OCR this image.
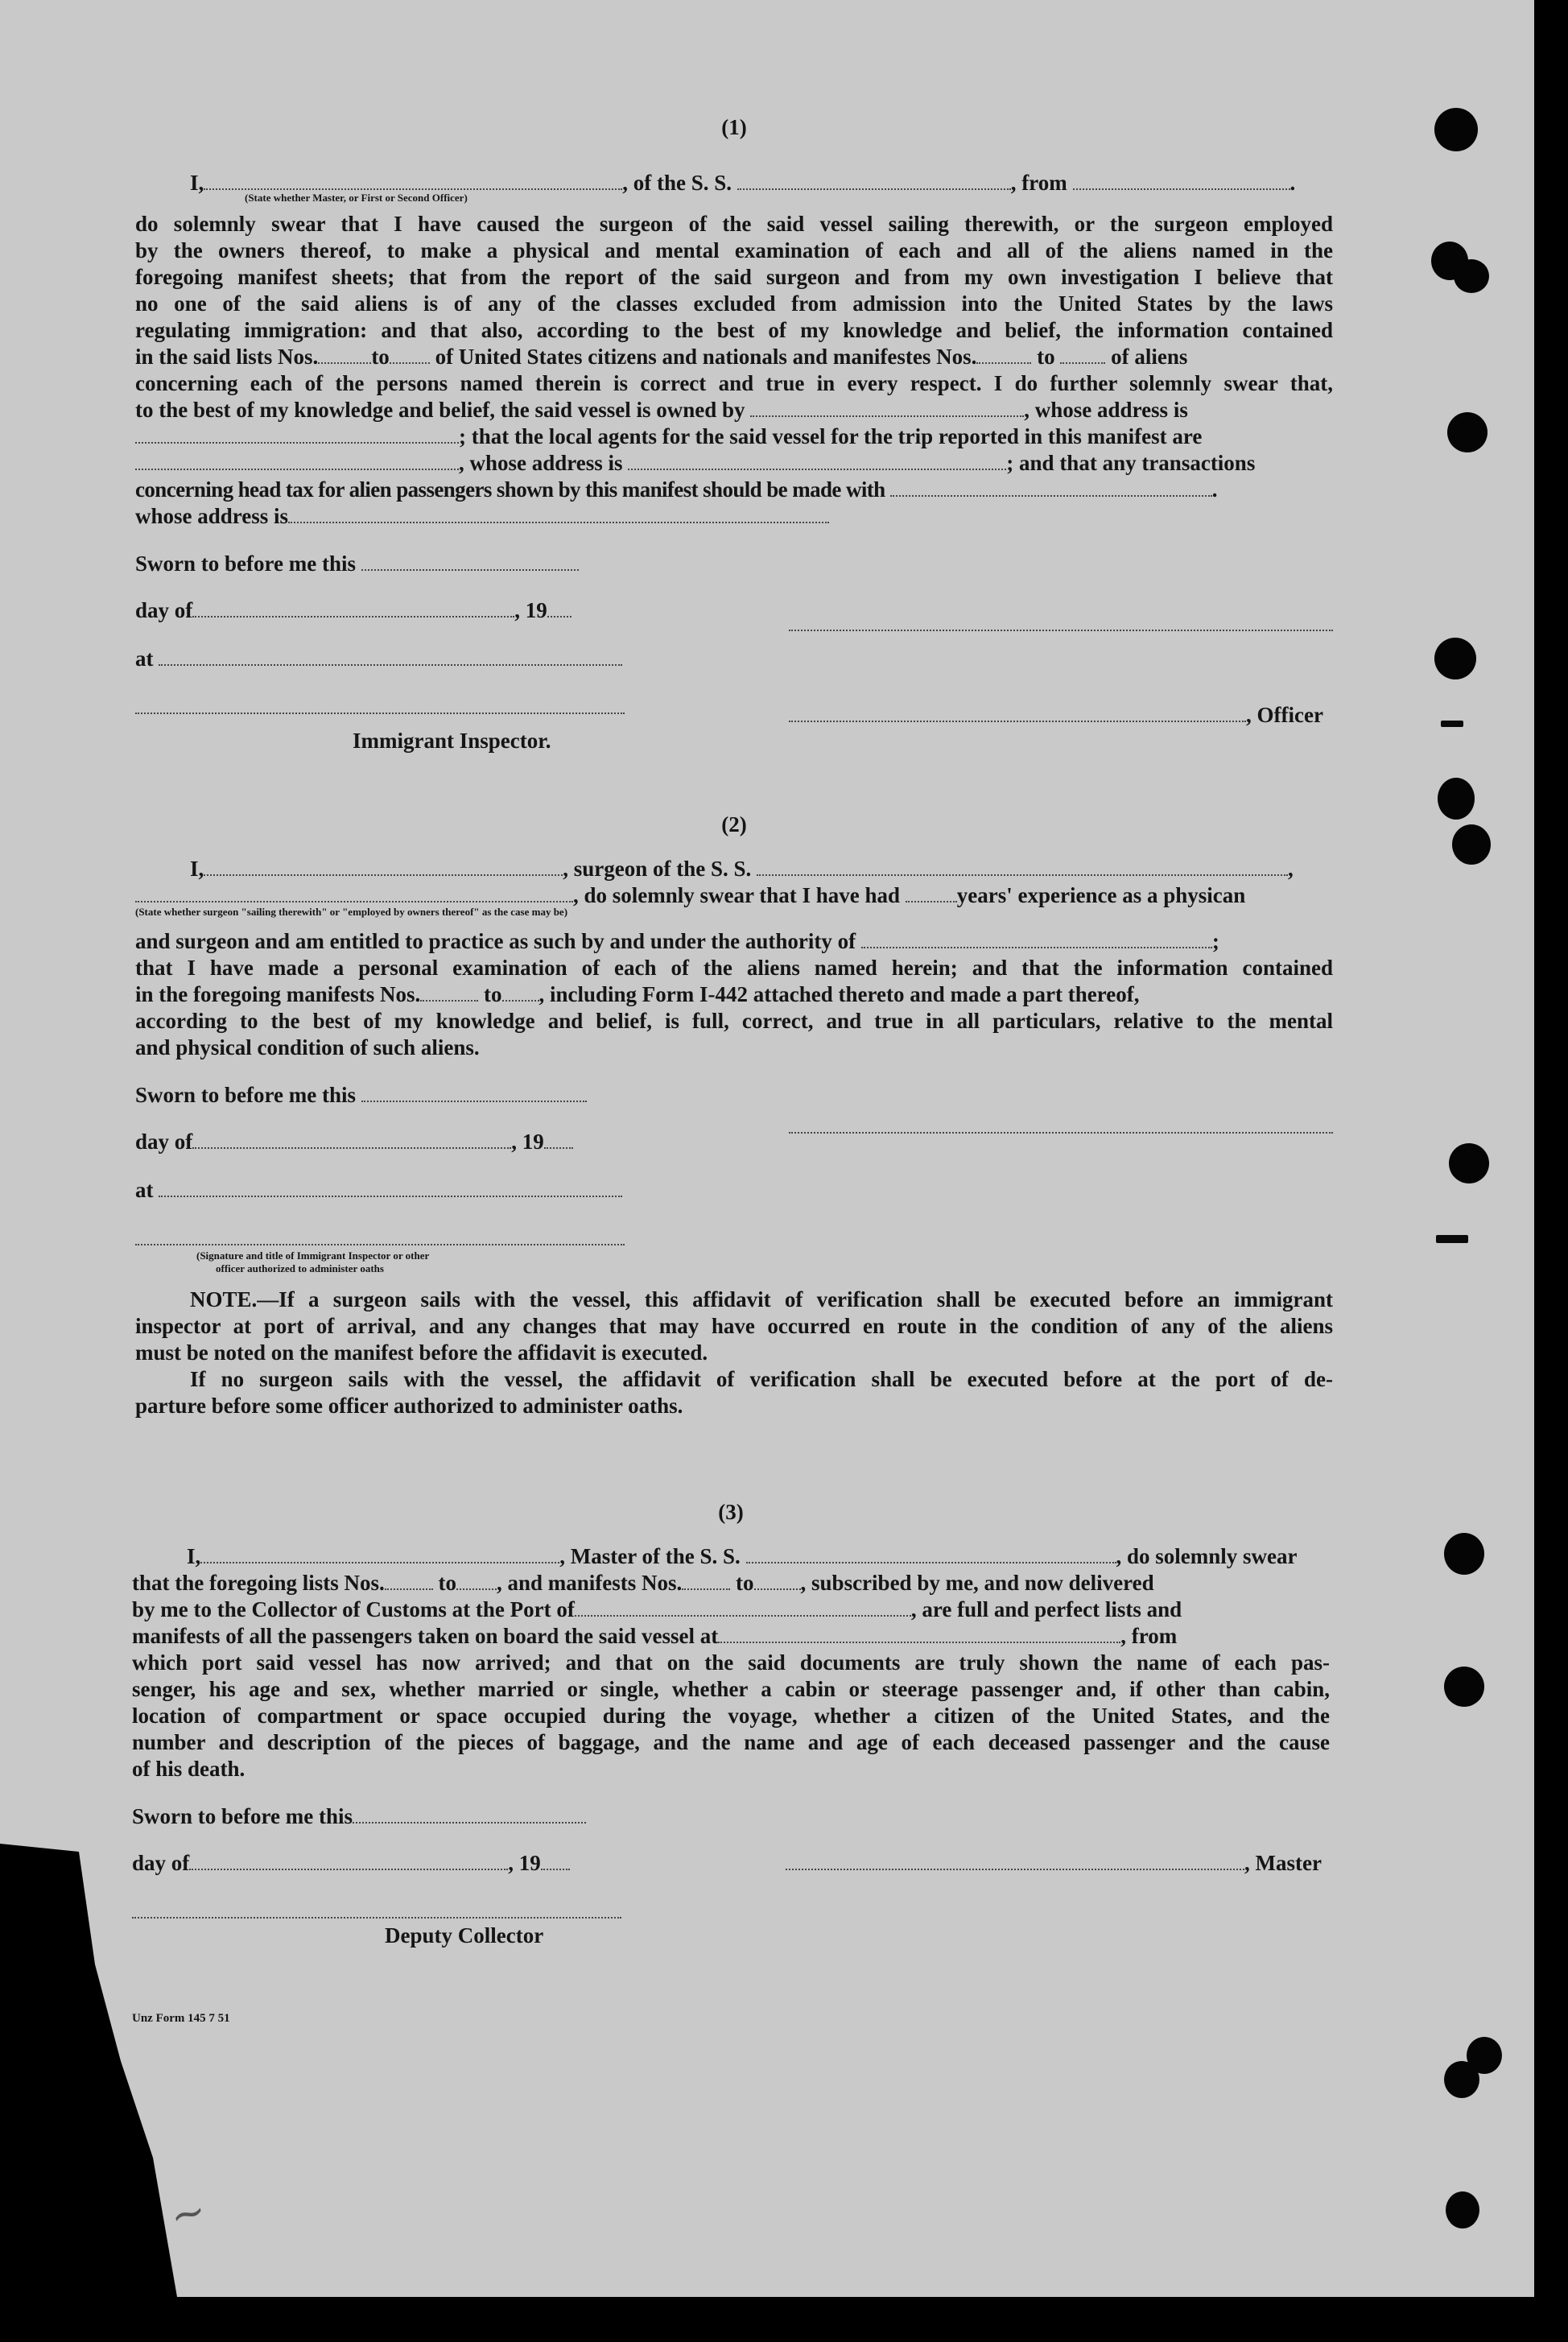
(1)

I,	, of the S. S.	, from	.
(State whether Master, or First or Second Officer)
do solemnly swear that I have caused the surgeon of the said vessel sailing therewith, or the surgeon employed
by the owners thereof, to make a physical and mental examination of each and all of the aliens named in the
foregoing manifest sheets; that from the report of the said surgeon and from my own investigation I believe that
no one of the said aliens is of any of the classes excluded from admission into the United States by the laws
regulating immigration: and that also, according to the best of my knowledge and belief, the information contained
in the said lists Nos. to of United States citizens and nationals and manifestes Nos.	to	of aliens
concerning each of the persons named therein is correct and true in every respect. I do further solemnly swear that,
to the best of my knowledge and belief, the said vessel is owned by	, whose address is
; that the local agents for the said vessel for the trip reported in this manifest are
, whose address is	; and that any transactions
concerning head tax for alien passengers shown by this manifest should be made with	.
whose address is
Sworn to before me this
day of	, 19
at
, Officer
Immigrant Inspector.

(2)

I,	, surgeon of the S. S.	,
, do solemnly swear that I have had	years' experience as a physican
(State whether surgeon "sailing therewith" or "employed by owners thereof" as the case may be)
and surgeon and am entitled to practice as such by and under the authority of	;
that I have made a personal examination of each of the aliens named herein; and that the information contained
in the foregoing manifests Nos.	to , including Form I-442 attached thereto and made a part thereof,
according to the best of my knowledge and belief, is full, correct, and true in all particulars, relative to the mental
and physical condition of such aliens.
Sworn to before me this
day of	, 19
at
(Signature and title of Immigrant Inspector or other
officer authorized to administer oaths
NOTE.—If a surgeon sails with the vessel, this affidavit of verification shall be executed before an immigrant
inspector at port of arrival, and any changes that may have occurred en route in the condition of any of the aliens
must be noted on the manifest before the affidavit is executed.
If no surgeon sails with the vessel, the affidavit of verification shall be executed before at the port of de-
parture before some officer authorized to administer oaths.

(3)

I,	, Master of the S. S.	, do solemnly swear
that the foregoing lists Nos. to , and manifests Nos. to , subscribed by me, and now delivered
by me to the Collector of Customs at the Port of	, are full and perfect lists and
manifests of all the passengers taken on board the said vessel at	, from
which port said vessel has now arrived; and that on the said documents are truly shown the name of each pas-
senger, his age and sex, whether married or single, whether a cabin or steerage passenger and, if other than cabin,
location of compartment or space occupied during the voyage, whether a citizen of the United States, and the
number and description of the pieces of baggage, and the name and age of each deceased passenger and the cause
of his death.
Sworn to before me this
day of	, 19	, Master
Deputy Collector
Unz Form 145 7 51
~
